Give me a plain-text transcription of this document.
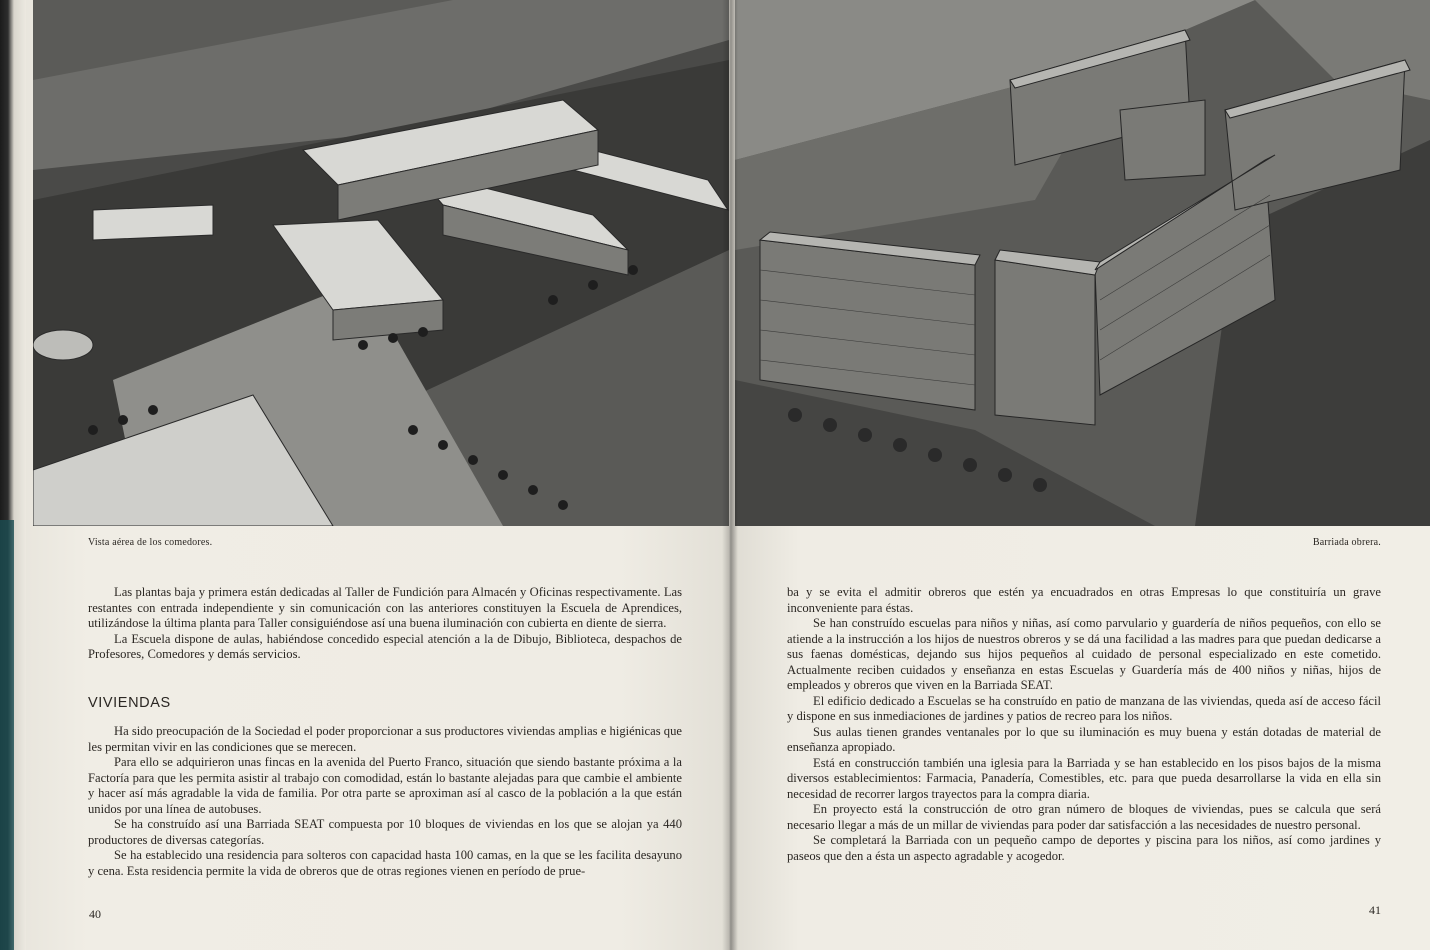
Vista aérea de los comedores.

Las plantas baja y primera están dedicadas al Taller de Fundición para Almacén y Oficinas respectivamente. Las restantes con entrada independiente y sin comunicación con las anteriores constituyen la Escuela de Aprendices, utilizándose la última planta para Taller consiguiéndose así una buena iluminación con cubierta en diente de sierra.

La Escuela dispone de aulas, habiéndose concedido especial atención a la de Dibujo, Biblioteca, despachos de Profesores, Comedores y demás servicios.

VIVIENDAS

Ha sido preocupación de la Sociedad el poder proporcionar a sus productores viviendas amplias e higiénicas que les permitan vivir en las condiciones que se merecen.

Para ello se adquirieron unas fincas en la avenida del Puerto Franco, situación que siendo bastante próxima a la Factoría para que les permita asistir al trabajo con comodidad, están lo bastante alejadas para que cambie el ambiente y hacer así más agradable la vida de familia. Por otra parte se aproximan así al casco de la población a la que están unidos por una línea de autobuses.

Se ha construído así una Barriada SEAT compuesta por 10 bloques de viviendas en los que se alojan ya 440 productores de diversas categorías.

Se ha establecido una residencia para solteros con capacidad hasta 100 camas, en la que se les facilita desayuno y cena. Esta residencia permite la vida de obreros que de otras regiones vienen en período de prue-

40
Barriada obrera.

ba y se evita el admitir obreros que estén ya encuadrados en otras Empresas lo que constituiría un grave inconveniente para éstas.

Se han construído escuelas para niños y niñas, así como parvulario y guardería de niños pequeños, con ello se atiende a la instrucción a los hijos de nuestros obreros y se dá una facilidad a las madres para que puedan dedicarse a sus faenas domésticas, dejando sus hijos pequeños al cuidado de personal especializado en este cometido. Actualmente reciben cuidados y enseñanza en estas Escuelas y Guardería más de 400 niños y niñas, hijos de empleados y obreros que viven en la Barriada SEAT.

El edificio dedicado a Escuelas se ha construído en patio de manzana de las viviendas, queda así de acceso fácil y dispone en sus inmediaciones de jardines y patios de recreo para los niños.

Sus aulas tienen grandes ventanales por lo que su iluminación es muy buena y están dotadas de material de enseñanza apropiado.

Está en construcción también una iglesia para la Barriada y se han establecido en los pisos bajos de la misma diversos establecimientos: Farmacia, Panadería, Comestibles, etc. para que pueda desarrollarse la vida en ella sin necesidad de recorrer largos trayectos para la compra diaria.

En proyecto está la construcción de otro gran número de bloques de viviendas, pues se calcula que será necesario llegar a más de un millar de viviendas para poder dar satisfacción a las necesidades de nuestro personal.

Se completará la Barriada con un pequeño campo de deportes y piscina para los niños, así como jardines y paseos que den a ésta un aspecto agradable y acogedor.

41
